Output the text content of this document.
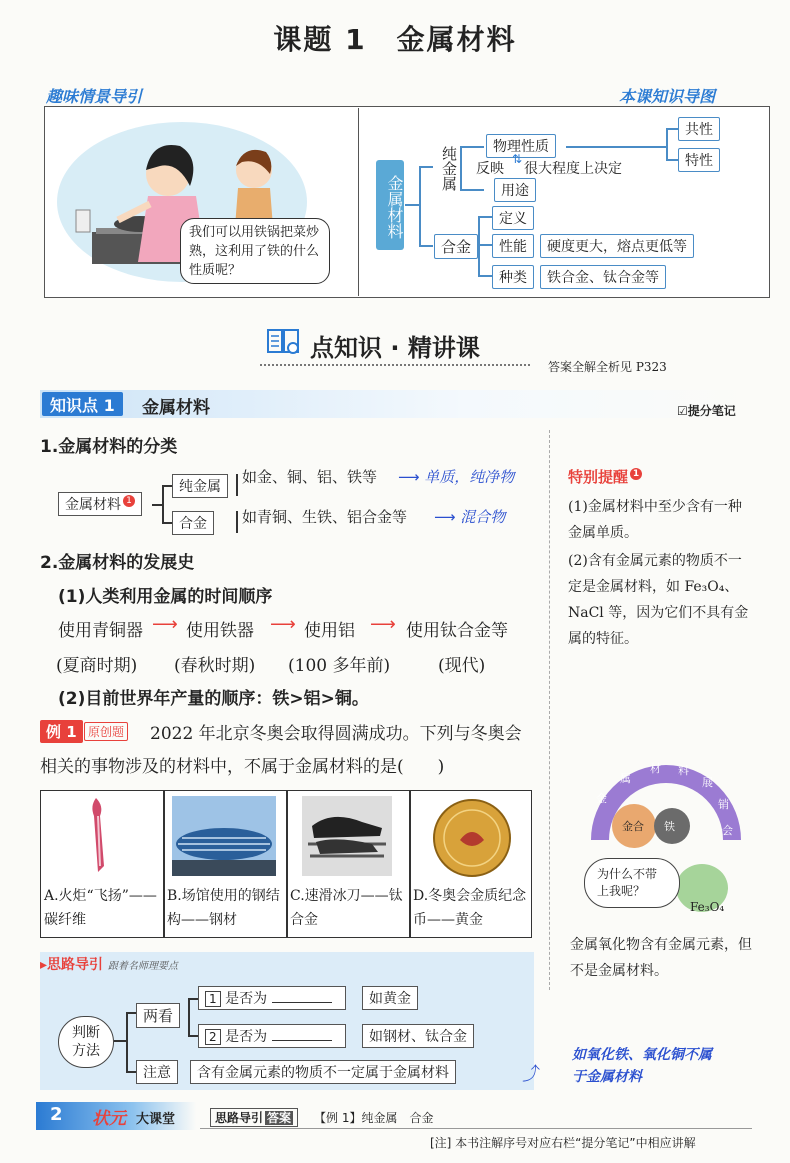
课题 1　金属材料
趣味情景导引	本课知识导图
我们可以用铁锅把菜炒熟，这利用了铁的什么性质呢？
金属材料
纯金属
合金
物理性质
反映 很大程度上决定
⇅
用途
共性
特性
定义
性能	硬度更大，熔点更低等
种类	铁合金、钛合金等
点知识 · 精讲课
答案全解全析见 P323
知识点 1	金属材料	☑提分笔记
1.金属材料的分类
金属材料 $^1$
纯金属
合金
如金、铜、铝、铁等
如青铜、生铁、铝合金等
⟶ 单质，纯净物
⟶ 混合物
2.金属材料的发展史
(1)人类利用金属的时间顺序
使用青铜器 ⟶ 使用铁器 ⟶ 使用铝 ⟶ 使用钛合金等
(夏商时期) (春秋时期) (100 多年前)	(现代)
(2)目前世界年产量的顺序：铁>铝>铜。
例 1 原创题	2022 年北京冬奥会取得圆满成功。下列与冬奥会相关的事物涉及的材料中，不属于金属材料的是(　　)
A.火炬“飞扬”——碳纤维
B.场馆使用的钢结构——钢材
C.速滑冰刀——钛合金
D.冬奥会金质纪念币——黄金
▸思路导引 跟着名师理要点
判断方法
两看
1 是否为	如黄金
2 是否为	如钢材、钛合金
注意	含有金属元素的物质不一定属于金属材料
如氧化铁、氧化铜不属于金属材料
⤴
特别提醒 $^1$
(1)金属材料中至少含有一种金属单质。
(2)含有金属元素的物质不一定是金属材料，如 Fe₃O₄、NaCl 等，因为它们不具有金属的特征。
金
属
材 料
展
销
会
金合 铁
为什么不带上我呢？
Fe₃O₄
金属氧化物含有金属元素，但不是金属材料。
2 状元 大课堂	思路导引 答案	【例 1】纯金属　合金
[注] 本书注解序号对应右栏“提分笔记”中相应讲解
